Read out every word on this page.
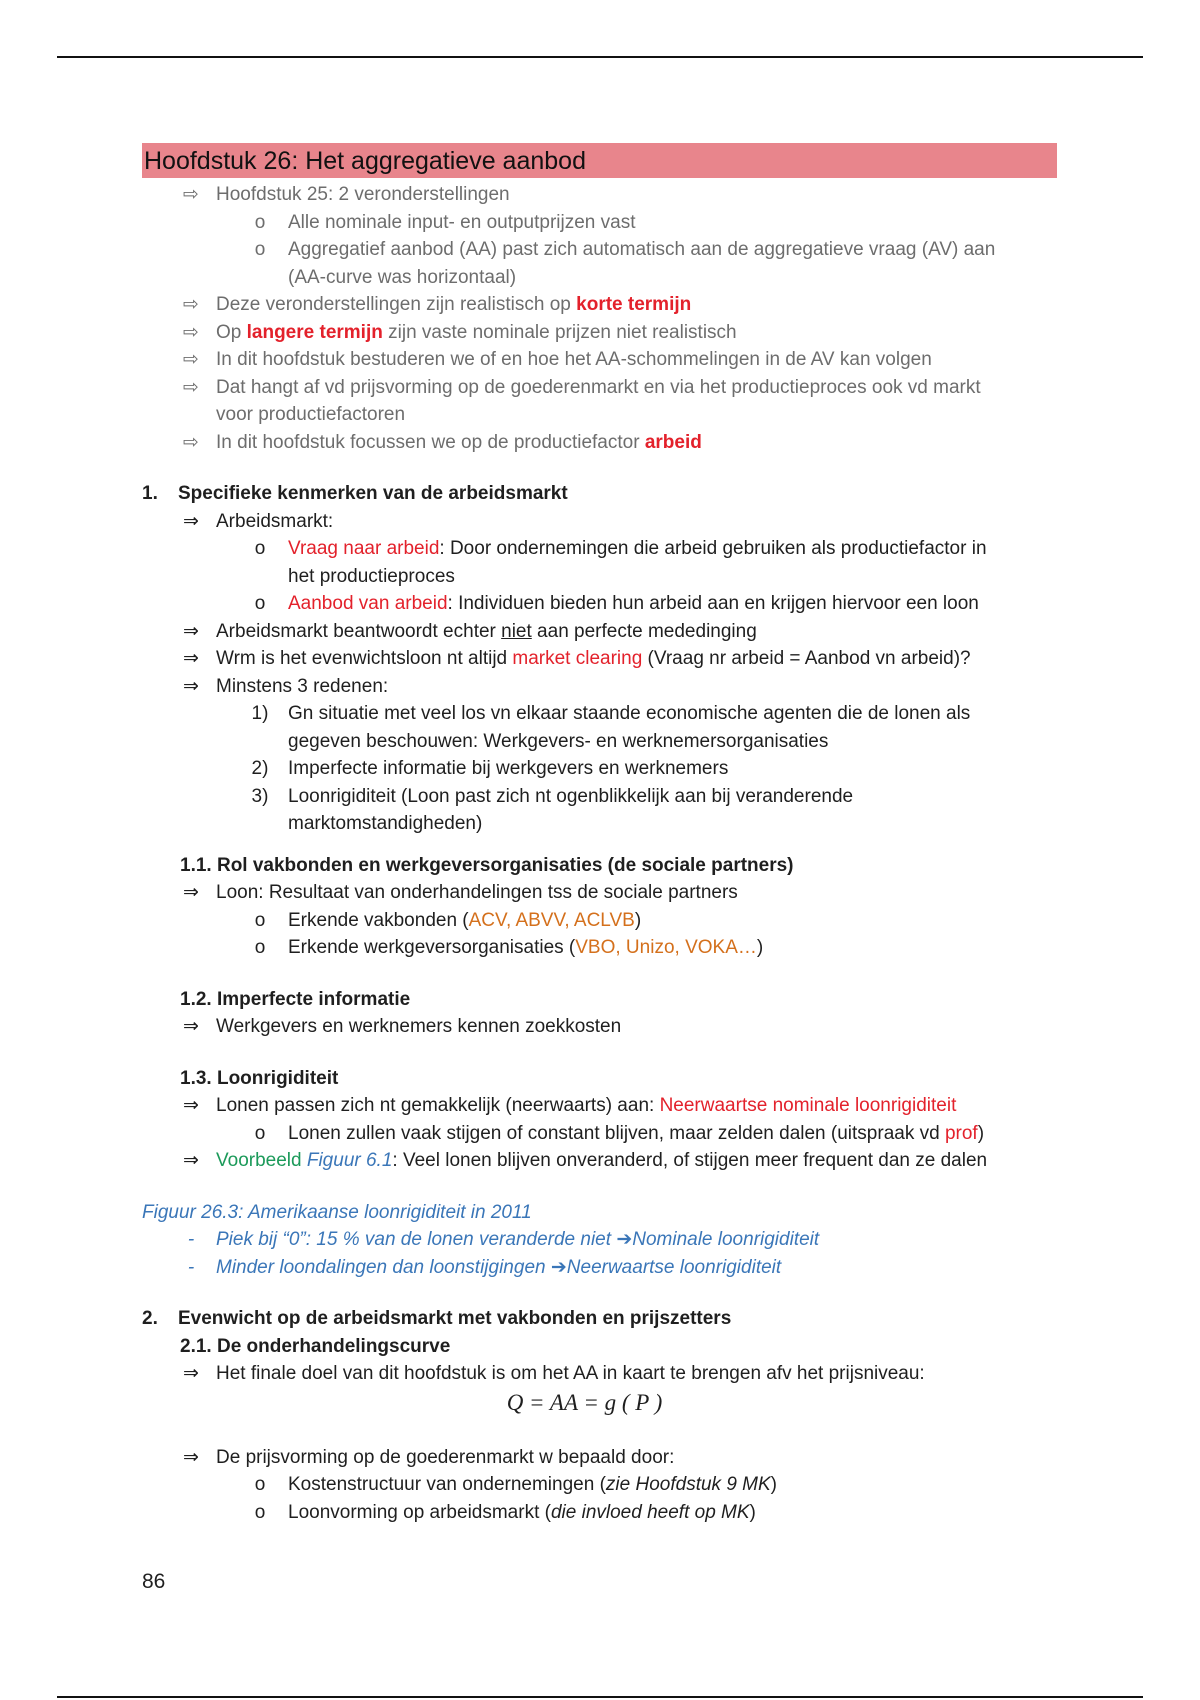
Hoofdstuk 26: Het aggregatieve aanbod
⇨ Hoofdstuk 25: 2 veronderstellingen
o	Alle nominale input- en outputprijzen vast
o	Aggregatief aanbod (AA) past zich automatisch aan de aggregatieve vraag (AV) aan
(AA-curve was horizontaal)
⇨ Deze veronderstellingen zijn realistisch op korte termijn
⇨ Op langere termijn zijn vaste nominale prijzen niet realistisch
⇨ In dit hoofdstuk bestuderen we of en hoe het AA-schommelingen in de AV kan volgen
⇨ Dat hangt af vd prijsvorming op de goederenmarkt en via het productieproces ook vd markt
voor productiefactoren
⇨ In dit hoofdstuk focussen we op de productiefactor arbeid
1.	Specifieke kenmerken van de arbeidsmarkt
⇒ Arbeidsmarkt:
o	Vraag naar arbeid: Door ondernemingen die arbeid gebruiken als productiefactor in
het productieproces
o	Aanbod van arbeid: Individuen bieden hun arbeid aan en krijgen hiervoor een loon
⇒ Arbeidsmarkt beantwoordt echter niet aan perfecte mededinging
⇒ Wrm is het evenwichtsloon nt altijd market clearing (Vraag nr arbeid = Aanbod vn arbeid)?
⇒ Minstens 3 redenen:
1) Gn situatie met veel los vn elkaar staande economische agenten die de lonen als
gegeven beschouwen: Werkgevers- en werknemersorganisaties
2) Imperfecte informatie bij werkgevers en werknemers
3) Loonrigiditeit (Loon past zich nt ogenblikkelijk aan bij veranderende
marktomstandigheden)
1.1. Rol vakbonden en werkgeversorganisaties (de sociale partners)
⇒ Loon: Resultaat van onderhandelingen tss de sociale partners
o	Erkende vakbonden (ACV, ABVV, ACLVB)
o	Erkende werkgeversorganisaties (VBO, Unizo, VOKA…)
1.2. Imperfecte informatie
⇒ Werkgevers en werknemers kennen zoekkosten
1.3. Loonrigiditeit
⇒ Lonen passen zich nt gemakkelijk (neerwaarts) aan: Neerwaartse nominale loonrigiditeit
o	Lonen zullen vaak stijgen of constant blijven, maar zelden dalen (uitspraak vd prof)
⇒ Voorbeeld Figuur 6.1: Veel lonen blijven onveranderd, of stijgen meer frequent dan ze dalen
Figuur 26.3: Amerikaanse loonrigiditeit in 2011
-	Piek bij “0”: 15 % van de lonen veranderde niet ➔Nominale loonrigiditeit
-	Minder loondalingen dan loonstijgingen ➔Neerwaartse loonrigiditeit
2.	Evenwicht op de arbeidsmarkt met vakbonden en prijszetters
2.1. De onderhandelingscurve
⇒ Het finale doel van dit hoofdstuk is om het AA in kaart te brengen afv het prijsniveau:
Q = AA = g ( P )
⇒ De prijsvorming op de goederenmarkt w bepaald door:
o	Kostenstructuur van ondernemingen (zie Hoofdstuk 9 MK)
o	Loonvorming op arbeidsmarkt (die invloed heeft op MK)
86
